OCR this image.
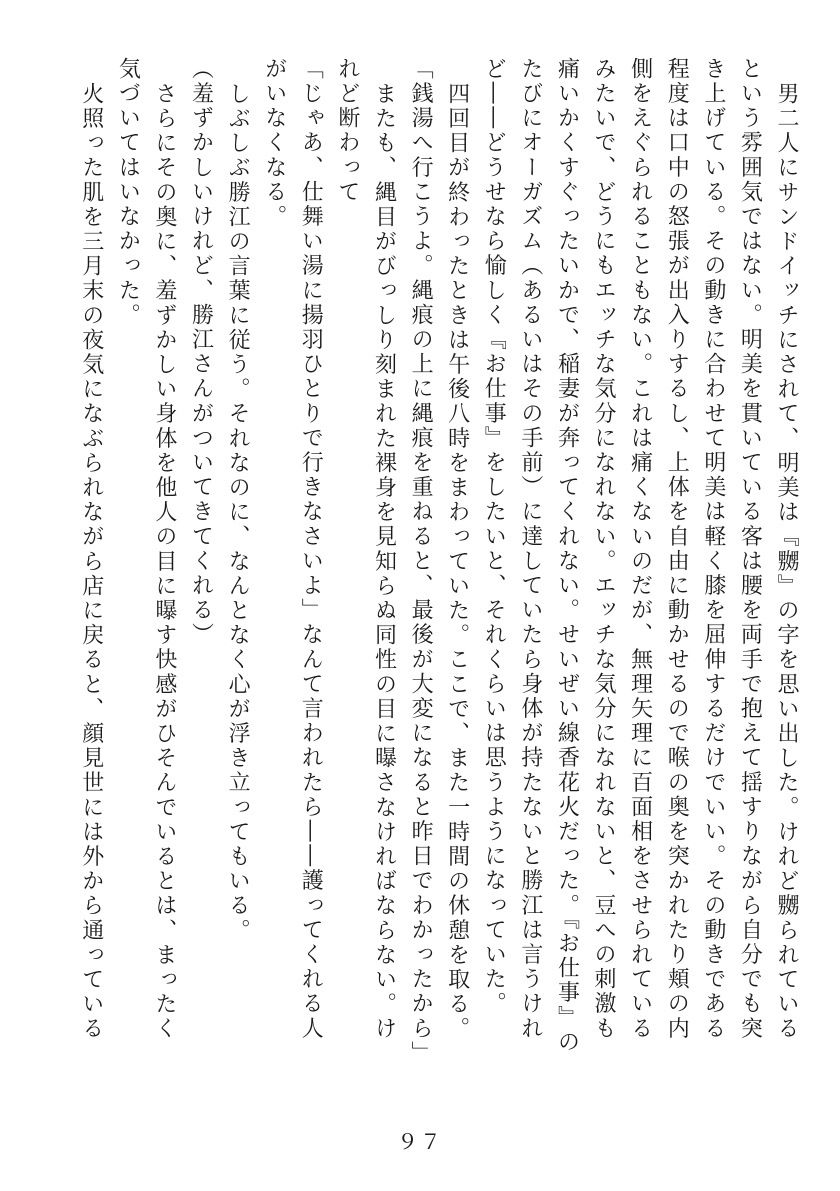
男二人にサンドイッチにされて、明美は『嬲』の字を思い出した。けれど嬲られている
という雰囲気ではない。明美を貫いている客は腰を両手で抱えて揺すりながら自分でも突
き上げている。その動きに合わせて明美は軽く膝を屈伸するだけでいい。その動きである
程度は口中の怒張が出入りするし、上体を自由に動かせるので喉の奥を突かれたり頬の内
側をえぐられることもない。これは痛くないのだが、無理矢理に百面相をさせられている
みたいで、どうにもエッチな気分になれない。エッチな気分になれないと、豆への刺激も
痛いかくすぐったいかで、稲妻が奔ってくれない。せいぜい線香花火だった。『お仕事』の
たびにオーガズム（あるいはその手前）に達していたら身体が持たないと勝江は言うけれ
ど――どうせなら愉しく『お仕事』をしたいと、それくらいは思うようになっていた。
四回目が終わったときは午後八時をまわっていた。ここで、また一時間の休憩を取る。
「銭湯へ行こうよ。縄痕の上に縄痕を重ねると、最後が大変になると昨日でわかったから」
またも、縄目がびっしり刻まれた裸身を見知らぬ同性の目に曝さなければならない。け
れど断わって
「じゃあ、仕舞い湯に揚羽ひとりで行きなさいよ」なんて言われたら――護ってくれる人
がいなくなる。
しぶしぶ勝江の言葉に従う。それなのに、なんとなく心が浮き立ってもいる。
（羞ずかしいけれど、勝江さんがついてきてくれる）
さらにその奥に、羞ずかしい身体を他人の目に曝す快感がひそんでいるとは、まったく
気づいてはいなかった。
火照った肌を三月末の夜気になぶられながら店に戻ると、顔見世には外から通っている
９７
